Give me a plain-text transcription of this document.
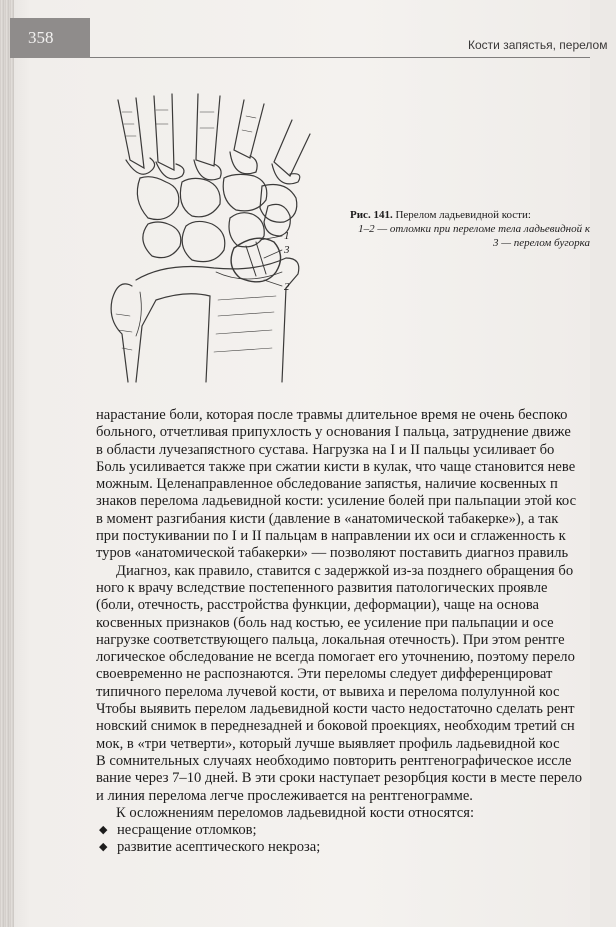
358	Кости запястья, перелом
1
3
2
Рис. 141. Перелом ладьевидной кости:
1–2 — отломки при переломе тела ладьевидной к
3 — перелом бугорка

нарастание боли, которая после травмы длительное время не очень беспоко

больного, отчетливая припухлость у основания I пальца, затруднение движе

в области лучезапястного сустава. Нагрузка на I и II пальцы усиливает бо

Боль усиливается также при сжатии кисти в кулак, что чаще становится неве

можным. Целенаправленное обследование запястья, наличие косвенных п

знаков перелома ладьевидной кости: усиление болей при пальпации этой кос

в момент разгибания кисти (давление в «анатомической табакерке»), а так

при постукивании по I и II пальцам в направлении их оси и сглаженность к

туров «анатомической табакерки» — позволяют поставить диагноз правиль

Диагноз, как правило, ставится с задержкой из-за позднего обращения бо

ного к врачу вследствие постепенного развития патологических проявле

(боли, отечность, расстройства функции, деформации), чаще на основа

косвенных признаков (боль над костью, ее усиление при пальпации и осе

нагрузке соответствующего пальца, локальная отечность). При этом рентге

логическое обследование не всегда помогает его уточнению, поэтому перело

своевременно не распознаются. Эти переломы следует дифференцироват

типичного перелома лучевой кости, от вывиха и перелома полулунной кос

Чтобы выявить перелом ладьевидной кости часто недостаточно сделать рент

новский снимок в переднезадней и боковой проекциях, необходим третий сн

мок, в «три четверти», который лучше выявляет профиль ладьевидной кос

В сомнительных случаях необходимо повторить рентгенографическое иссле

вание через 7–10 дней. В эти сроки наступает резорбция кости в месте перело

и линия перелома легче прослеживается на рентгенограмме.

К осложнениям переломов ладьевидной кости относятся:

◆ несращение отломков;
◆ развитие асептического некроза;
